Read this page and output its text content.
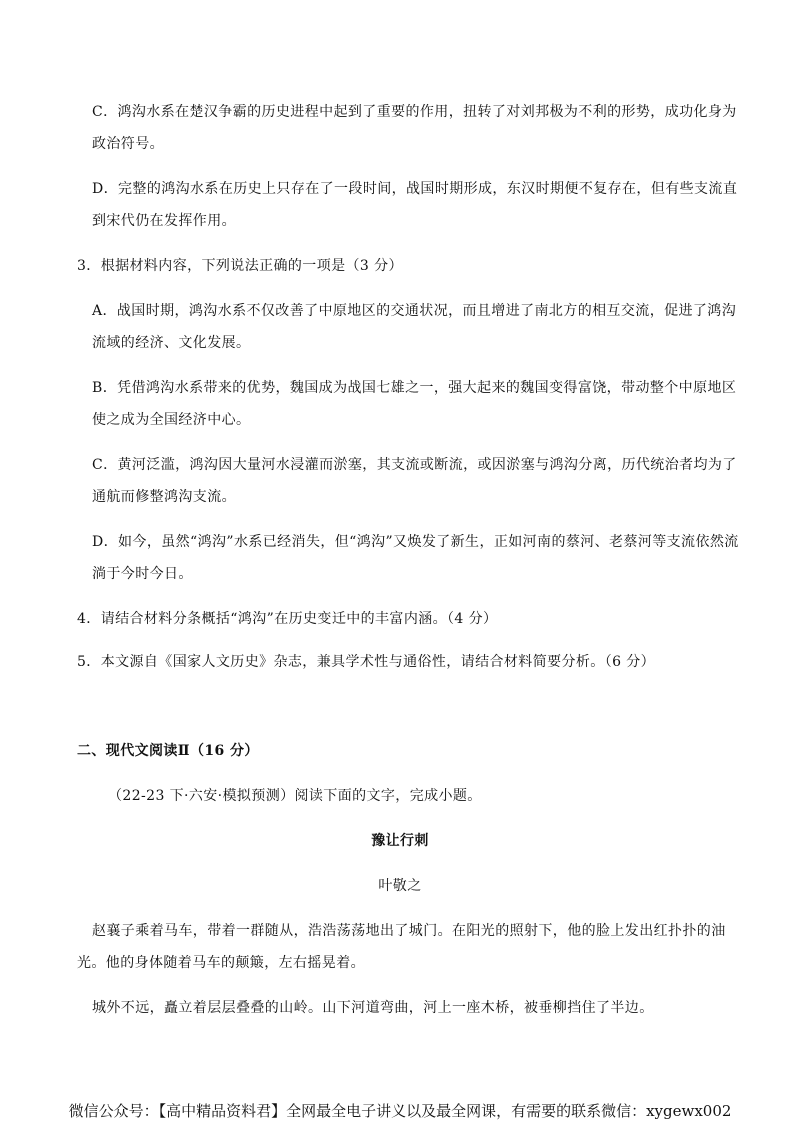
C．鸿沟水系在楚汉争霸的历史进程中起到了重要的作用，扭转了对刘邦极为不利的形势，成功化身为
政治符号。
D．完整的鸿沟水系在历史上只存在了一段时间，战国时期形成，东汉时期便不复存在，但有些支流直
到宋代仍在发挥作用。
3．根据材料内容，下列说法正确的一项是（3 分）
A．战国时期，鸿沟水系不仅改善了中原地区的交通状况，而且增进了南北方的相互交流，促进了鸿沟
流域的经济、文化发展。
B．凭借鸿沟水系带来的优势，魏国成为战国七雄之一，强大起来的魏国变得富饶，带动整个中原地区
使之成为全国经济中心。
C．黄河泛滥，鸿沟因大量河水浸灌而淤塞，其支流或断流，或因淤塞与鸿沟分离，历代统治者均为了
通航而修整鸿沟支流。
D．如今，虽然“鸿沟”水系已经消失，但“鸿沟”又焕发了新生，正如河南的蔡河、老蔡河等支流依然流
淌于今时今日。
4．请结合材料分条概括“鸿沟”在历史变迁中的丰富内涵。（4 分）
5．本文源自《国家人文历史》杂志，兼具学术性与通俗性，请结合材料简要分析。（6 分）
二、现代文阅读Ⅱ（16 分）
（22-23 下·六安·模拟预测）阅读下面的文字，完成小题。
豫让行刺
叶敬之
赵襄子乘着马车，带着一群随从，浩浩荡荡地出了城门。在阳光的照射下，他的脸上发出红扑扑的油
光。他的身体随着马车的颠簸，左右摇晃着。
城外不远，矗立着层层叠叠的山岭。山下河道弯曲，河上一座木桥，被垂柳挡住了半边。
微信公众号：【高中精品资料君】全网最全电子讲义以及最全网课，有需要的联系微信：xygewx002
